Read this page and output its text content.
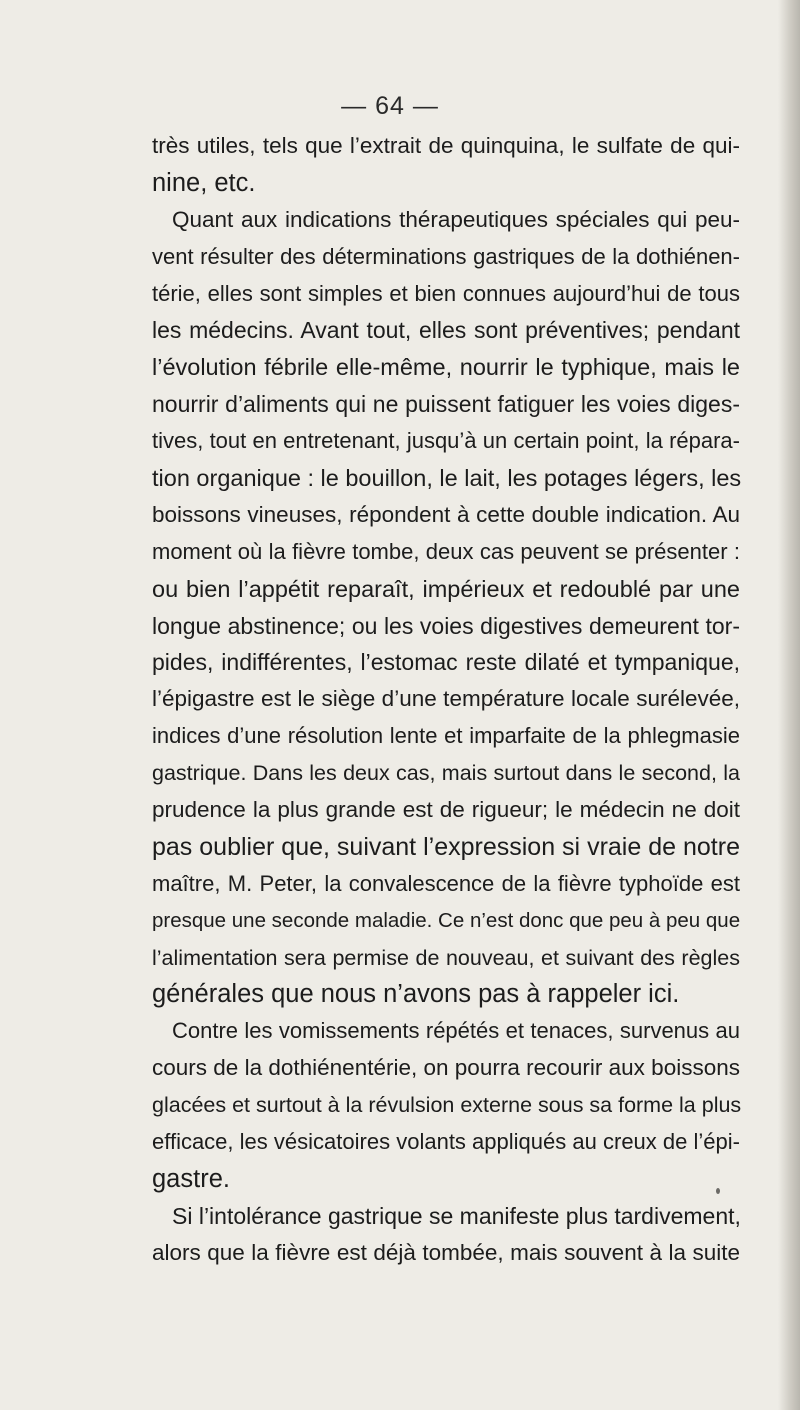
— 64 —
très utiles, tels que l’extrait de quinquina, le sulfate de qui-
nine, etc.
Quant aux indications thérapeutiques spéciales qui peu-
vent résulter des déterminations gastriques de la dothiénen-
térie, elles sont simples et bien connues aujourd’hui de tous
les médecins. Avant tout, elles sont préventives; pendant
l’évolution fébrile elle-même, nourrir le typhique, mais le
nourrir d’aliments qui ne puissent fatiguer les voies diges-
tives, tout en entretenant, jusqu’à un certain point, la répara-
tion organique : le bouillon, le lait, les potages légers, les
boissons vineuses, répondent à cette double indication. Au
moment où la fièvre tombe, deux cas peuvent se présenter :
ou bien l’appétit reparaît, impérieux et redoublé par une
longue abstinence; ou les voies digestives demeurent tor-
pides, indifférentes, l’estomac reste dilaté et tympanique,
l’épigastre est le siège d’une température locale surélevée,
indices d’une résolution lente et imparfaite de la phlegmasie
gastrique. Dans les deux cas, mais surtout dans le second, la
prudence la plus grande est de rigueur; le médecin ne doit
pas oublier que, suivant l’expression si vraie de notre
maître, M. Peter, la convalescence de la fièvre typhoïde est
presque une seconde maladie. Ce n’est donc que peu à peu que
l’alimentation sera permise de nouveau, et suivant des règles
générales que nous n’avons pas à rappeler ici.
Contre les vomissements répétés et tenaces, survenus au
cours de la dothiénentérie, on pourra recourir aux boissons
glacées et surtout à la révulsion externe sous sa forme la plus
efficace, les vésicatoires volants appliqués au creux de l’épi-
gastre.
Si l’intolérance gastrique se manifeste plus tardivement,
alors que la fièvre est déjà tombée, mais souvent à la suite
